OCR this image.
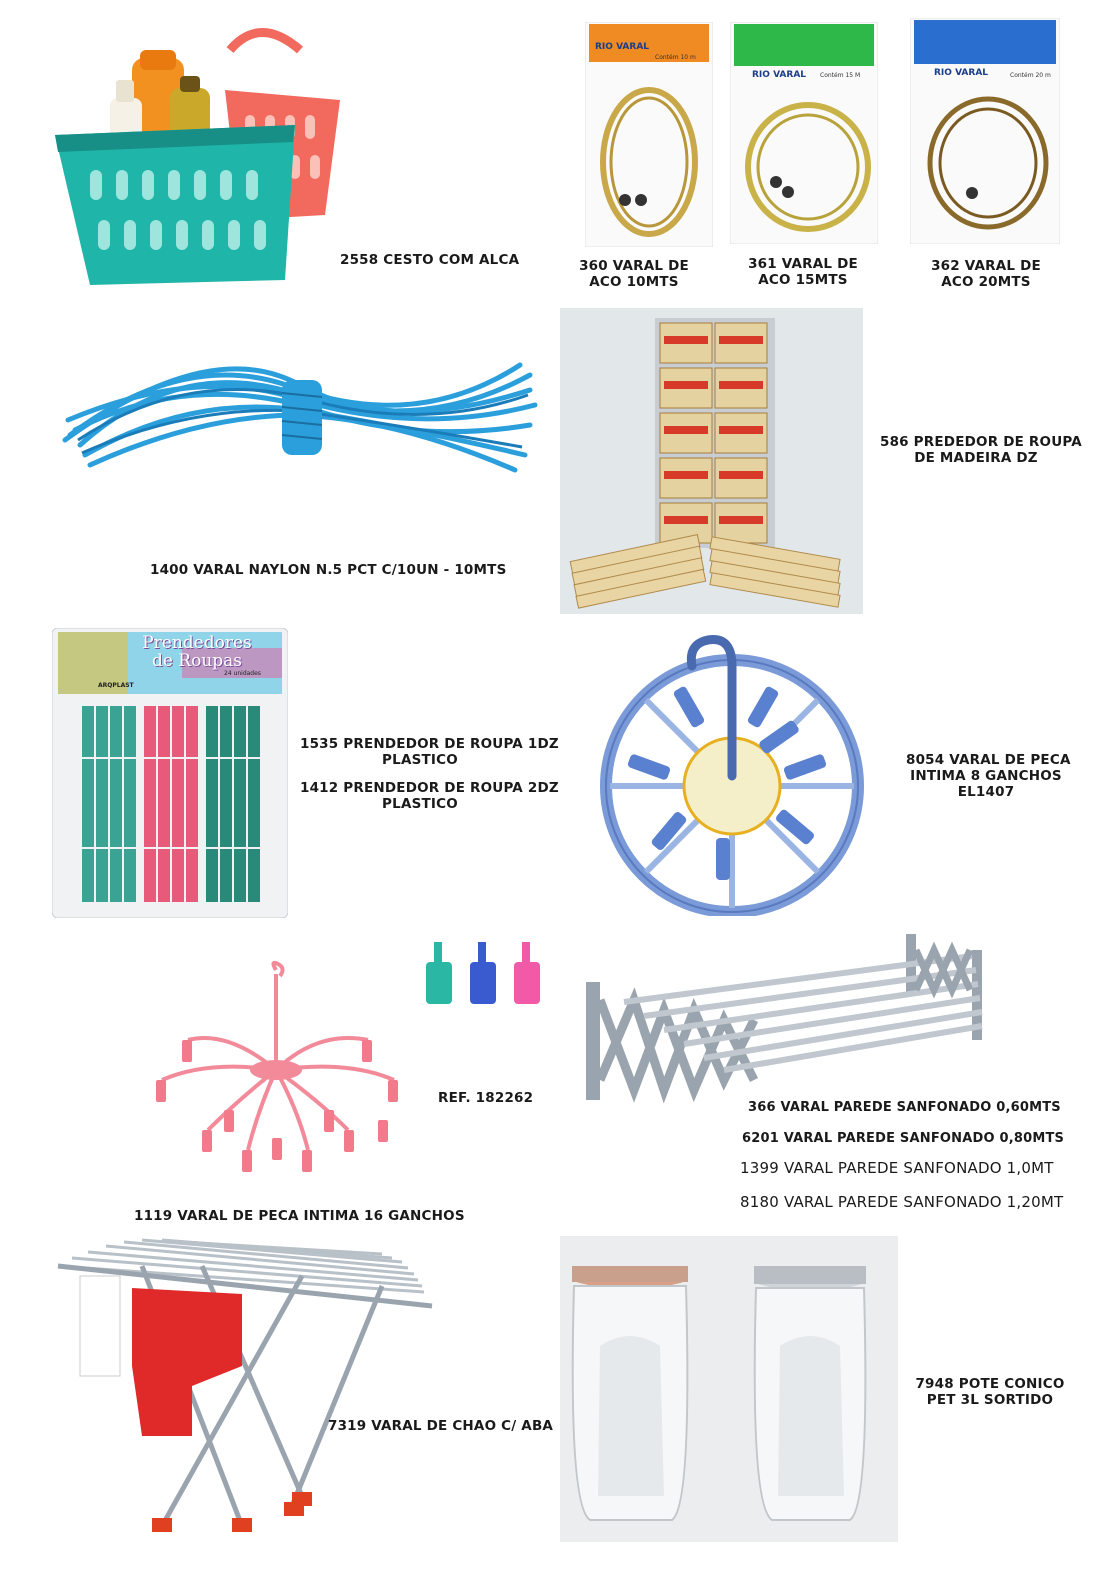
2558 CESTO COM ALCA
RIO VARAL
Contém 10 m
360 VARAL DE
ACO 10MTS
RIO VARAL Contém 15 M
361 VARAL DE
ACO 15MTS
RIO VARAL	Contém 20 m
362 VARAL DE
ACO 20MTS
1400 VARAL NAYLON N.5 PCT C/10UN - 10MTS
586 PREDEDOR DE ROUPA
DE MADEIRA DZ
Prendedores
de Roupas
24 unidades
ARQPLAST
1535 PRENDEDOR DE ROUPA 1DZ
PLASTICO
1412 PRENDEDOR DE ROUPA 2DZ
PLASTICO
8054 VARAL DE PECA
INTIMA 8 GANCHOS
EL1407
REF. 182262
1119 VARAL DE PECA INTIMA 16 GANCHOS
366 VARAL PAREDE SANFONADO 0,60MTS
6201 VARAL PAREDE SANFONADO 0,80MTS
1399 VARAL PAREDE SANFONADO 1,0MT
8180 VARAL PAREDE SANFONADO 1,20MT
7319 VARAL DE CHAO C/ ABA
7948 POTE CONICO
PET 3L SORTIDO
